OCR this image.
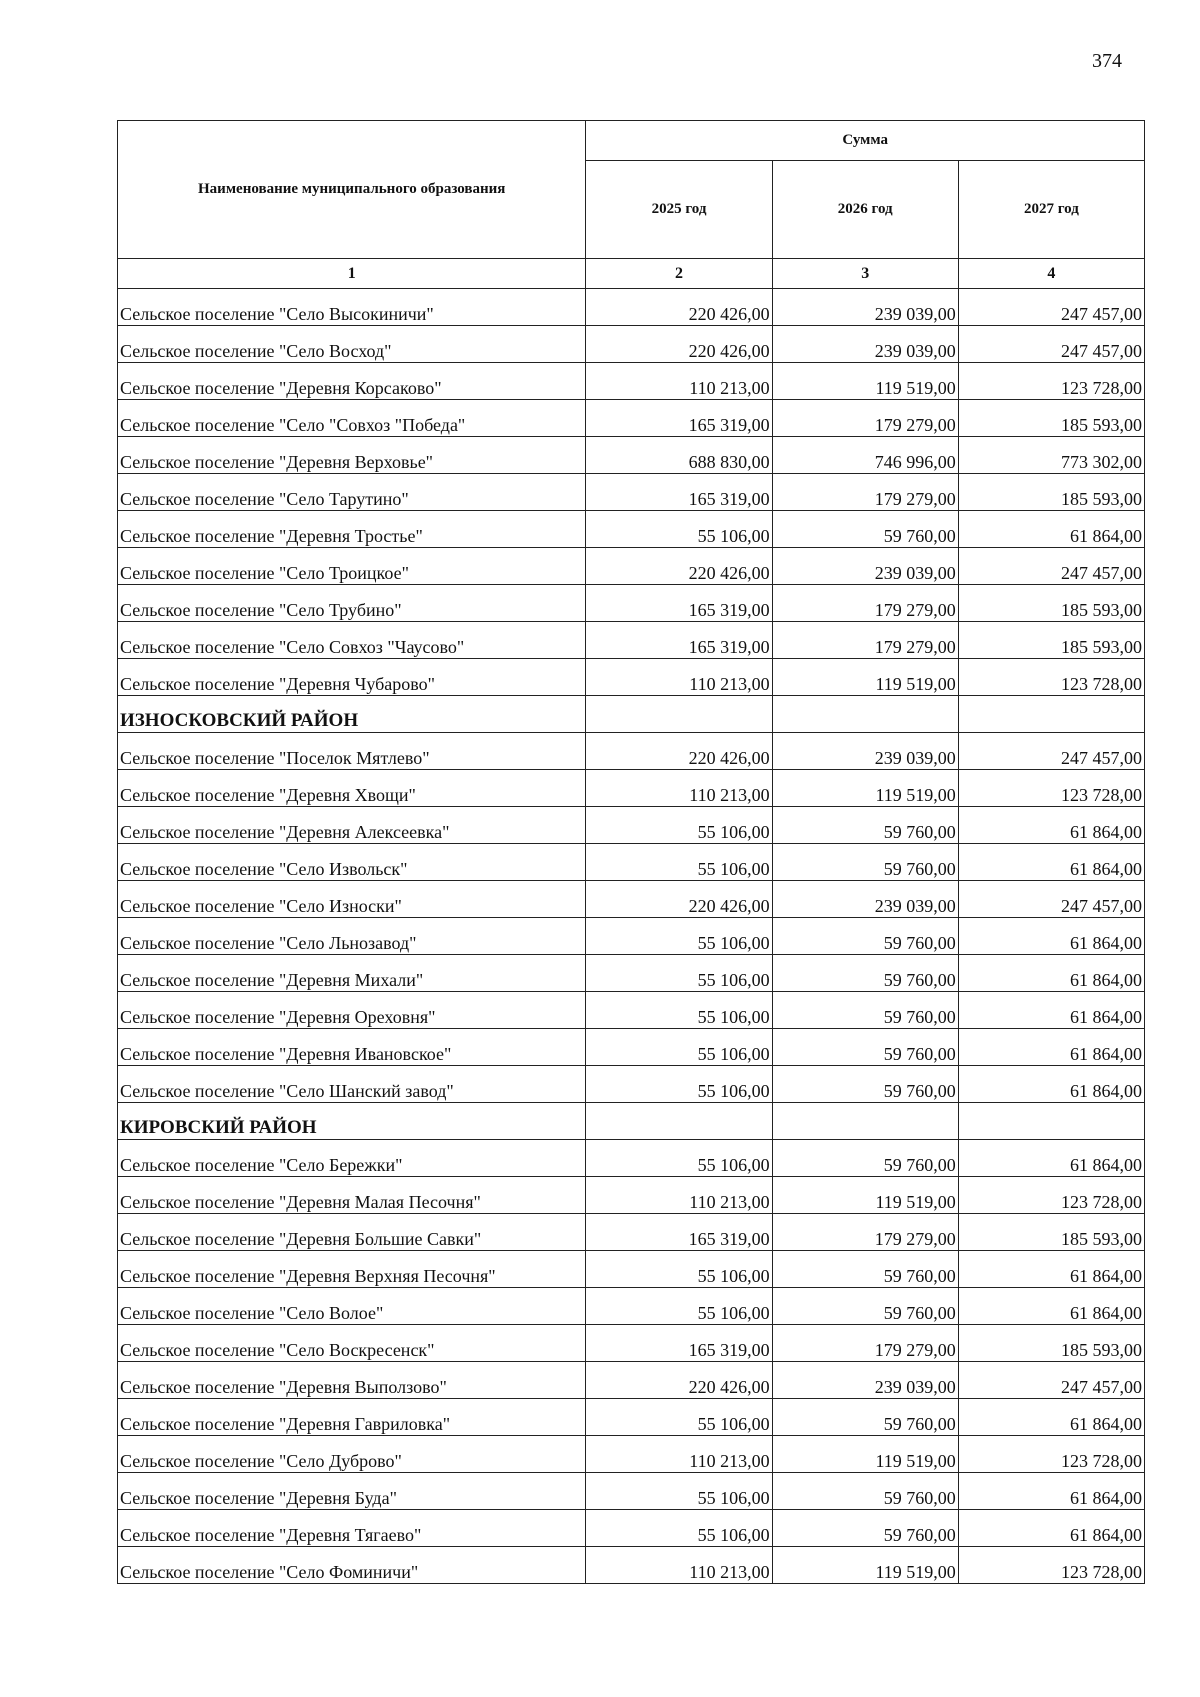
374
Наименование муниципального образования	Сумма		
	2025 год	2026 год	2027 год
1	2	3	4
Сельское поселение "Село Высокиничи"	220 426,00	239 039,00	247 457,00
Сельское поселение "Село Восход"	220 426,00	239 039,00	247 457,00
Сельское поселение "Деревня Корсаково"	110 213,00	119 519,00	123 728,00
Сельское поселение "Село "Совхоз "Победа"	165 319,00	179 279,00	185 593,00
Сельское поселение "Деревня Верховье"	688 830,00	746 996,00	773 302,00
Сельское поселение "Село Тарутино"	165 319,00	179 279,00	185 593,00
Сельское поселение "Деревня Тростье"	55 106,00	59 760,00	61 864,00
Сельское поселение "Село Троицкое"	220 426,00	239 039,00	247 457,00
Сельское поселение "Село Трубино"	165 319,00	179 279,00	185 593,00
Сельское поселение "Село Совхоз "Чаусово"	165 319,00	179 279,00	185 593,00
Сельское поселение "Деревня Чубарово"	110 213,00	119 519,00	123 728,00
ИЗНОСКОВСКИЙ РАЙОН			
Сельское поселение "Поселок Мятлево"	220 426,00	239 039,00	247 457,00
Сельское поселение "Деревня Хвощи"	110 213,00	119 519,00	123 728,00
Сельское поселение "Деревня Алексеевка"	55 106,00	59 760,00	61 864,00
Сельское поселение "Село Извольск"	55 106,00	59 760,00	61 864,00
Сельское поселение "Село Износки"	220 426,00	239 039,00	247 457,00
Сельское поселение "Село Льнозавод"	55 106,00	59 760,00	61 864,00
Сельское поселение "Деревня Михали"	55 106,00	59 760,00	61 864,00
Сельское поселение "Деревня Ореховня"	55 106,00	59 760,00	61 864,00
Сельское поселение "Деревня Ивановское"	55 106,00	59 760,00	61 864,00
Сельское поселение "Село Шанский завод"	55 106,00	59 760,00	61 864,00
КИРОВСКИЙ РАЙОН			
Сельское поселение "Село Бережки"	55 106,00	59 760,00	61 864,00
Сельское поселение "Деревня Малая Песочня"	110 213,00	119 519,00	123 728,00
Сельское поселение "Деревня Большие Савки"	165 319,00	179 279,00	185 593,00
Сельское поселение "Деревня Верхняя Песочня"	55 106,00	59 760,00	61 864,00
Сельское поселение "Село Волое"	55 106,00	59 760,00	61 864,00
Сельское поселение "Село Воскресенск"	165 319,00	179 279,00	185 593,00
Сельское поселение "Деревня Выползово"	220 426,00	239 039,00	247 457,00
Сельское поселение "Деревня Гавриловка"	55 106,00	59 760,00	61 864,00
Сельское поселение "Село Дуброво"	110 213,00	119 519,00	123 728,00
Сельское поселение "Деревня Буда"	55 106,00	59 760,00	61 864,00
Сельское поселение "Деревня Тягаево"	55 106,00	59 760,00	61 864,00
Сельское поселение "Село Фоминичи"	110 213,00	119 519,00	123 728,00
